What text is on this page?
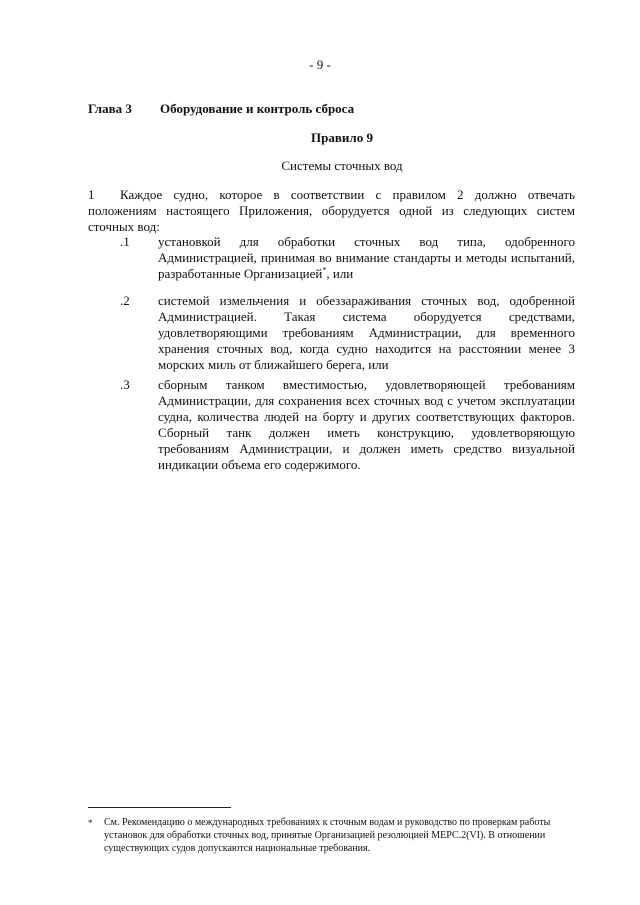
- 9 -
Глава 3 Оборудование и контроль сброса
Правило 9
Системы сточных вод
1	Каждое судно, которое в соответствии с правилом 2 должно отвечать положениям настоящего Приложения, оборудуется одной из следующих систем сточных вод:

.1 установкой для обработки сточных вод типа, одобренного Администрацией, принимая во внимание стандарты и методы испытаний, разработанные Организацией*, или

.2 системой измельчения и обеззараживания сточных вод, одобренной Администрацией. Такая система оборудуется средствами, удовлетворяющими требованиям Администрации, для временного хранения сточных вод, когда судно находится на расстоянии менее 3 морских миль от ближайшего берега, или

.3 сборным танком вместимостью, удовлетворяющей требованиям Администрации, для сохранения всех сточных вод с учетом эксплуатации судна, количества людей на борту и других соответствующих факторов. Сборный танк должен иметь конструкцию, удовлетворяющую требованиям Администрации, и должен иметь средство визуальной индикации объема его содержимого.

* См. Рекомендацию о международных требованиях к сточным водам и руководство по проверкам работы установок для обработки сточных вод, принятые Организацией резолюцией МЕРС.2(VI). В отношении существующих судов допускаются национальные требования.
